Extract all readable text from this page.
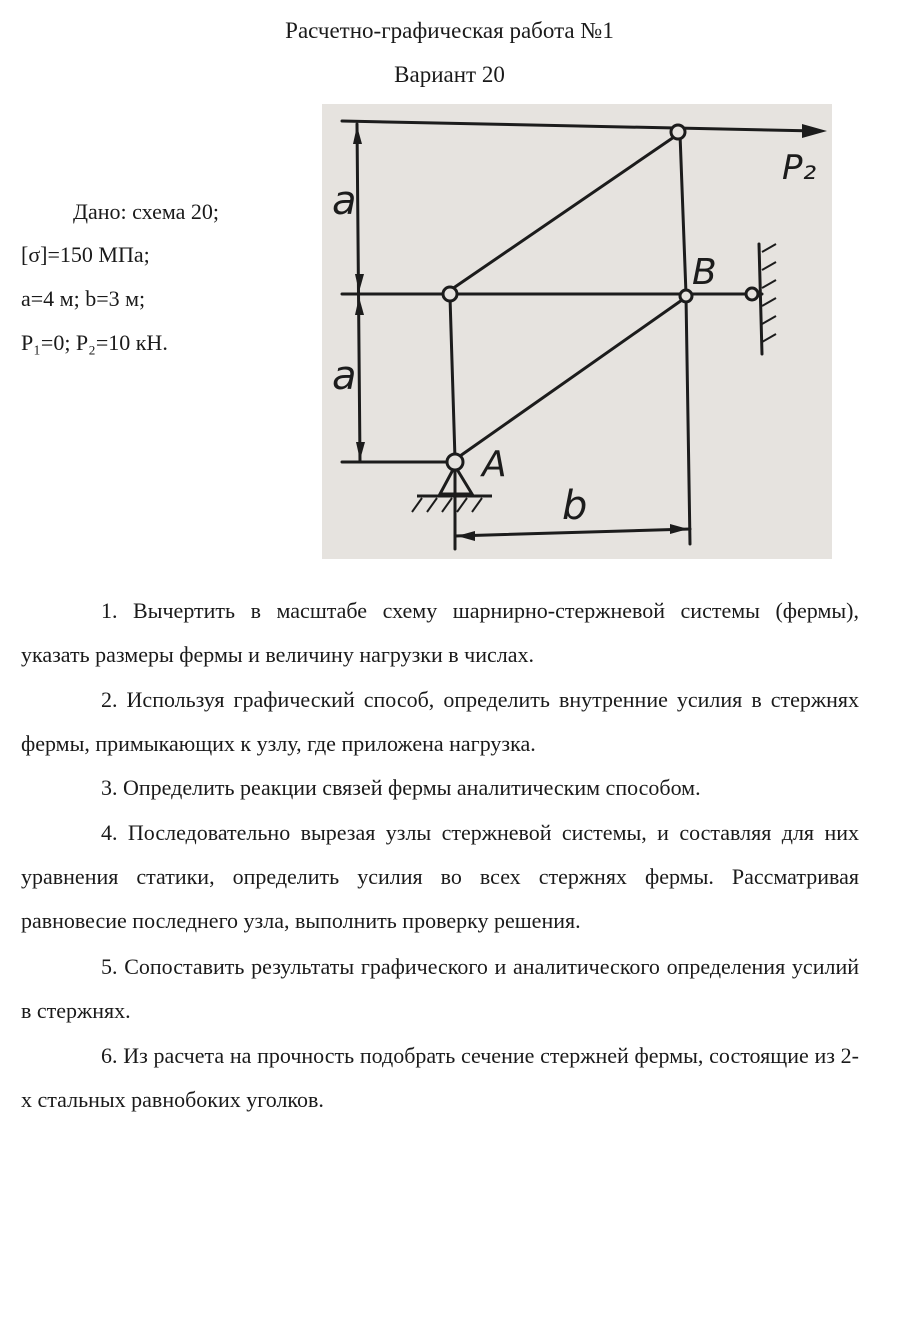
Расчетно-графическая работа №1
Вариант 20
Дано: схема 20;
[σ]=150 МПа;
a=4 м; b=3 м;
P₁=0; P₂=10 кН.
a
a
b
A
B
P₂

1. Вычертить в масштабе схему шарнирно-стержневой системы (фермы), указать размеры фермы и величину нагрузки в числах.

2. Используя графический способ, определить внутренние усилия в стержнях фермы, примыкающих к узлу, где приложена нагрузка.

3. Определить реакции связей фермы аналитическим способом.

4. Последовательно вырезая узлы стержневой системы, и составляя для них уравнения статики, определить усилия во всех стержнях фермы. Рассматривая равновесие последнего узла, выполнить проверку решения.

5. Сопоставить результаты графического и аналитического определения усилий в стержнях.

6. Из расчета на прочность подобрать сечение стержней фермы, состоящие из 2-х стальных равнобоких уголков.
